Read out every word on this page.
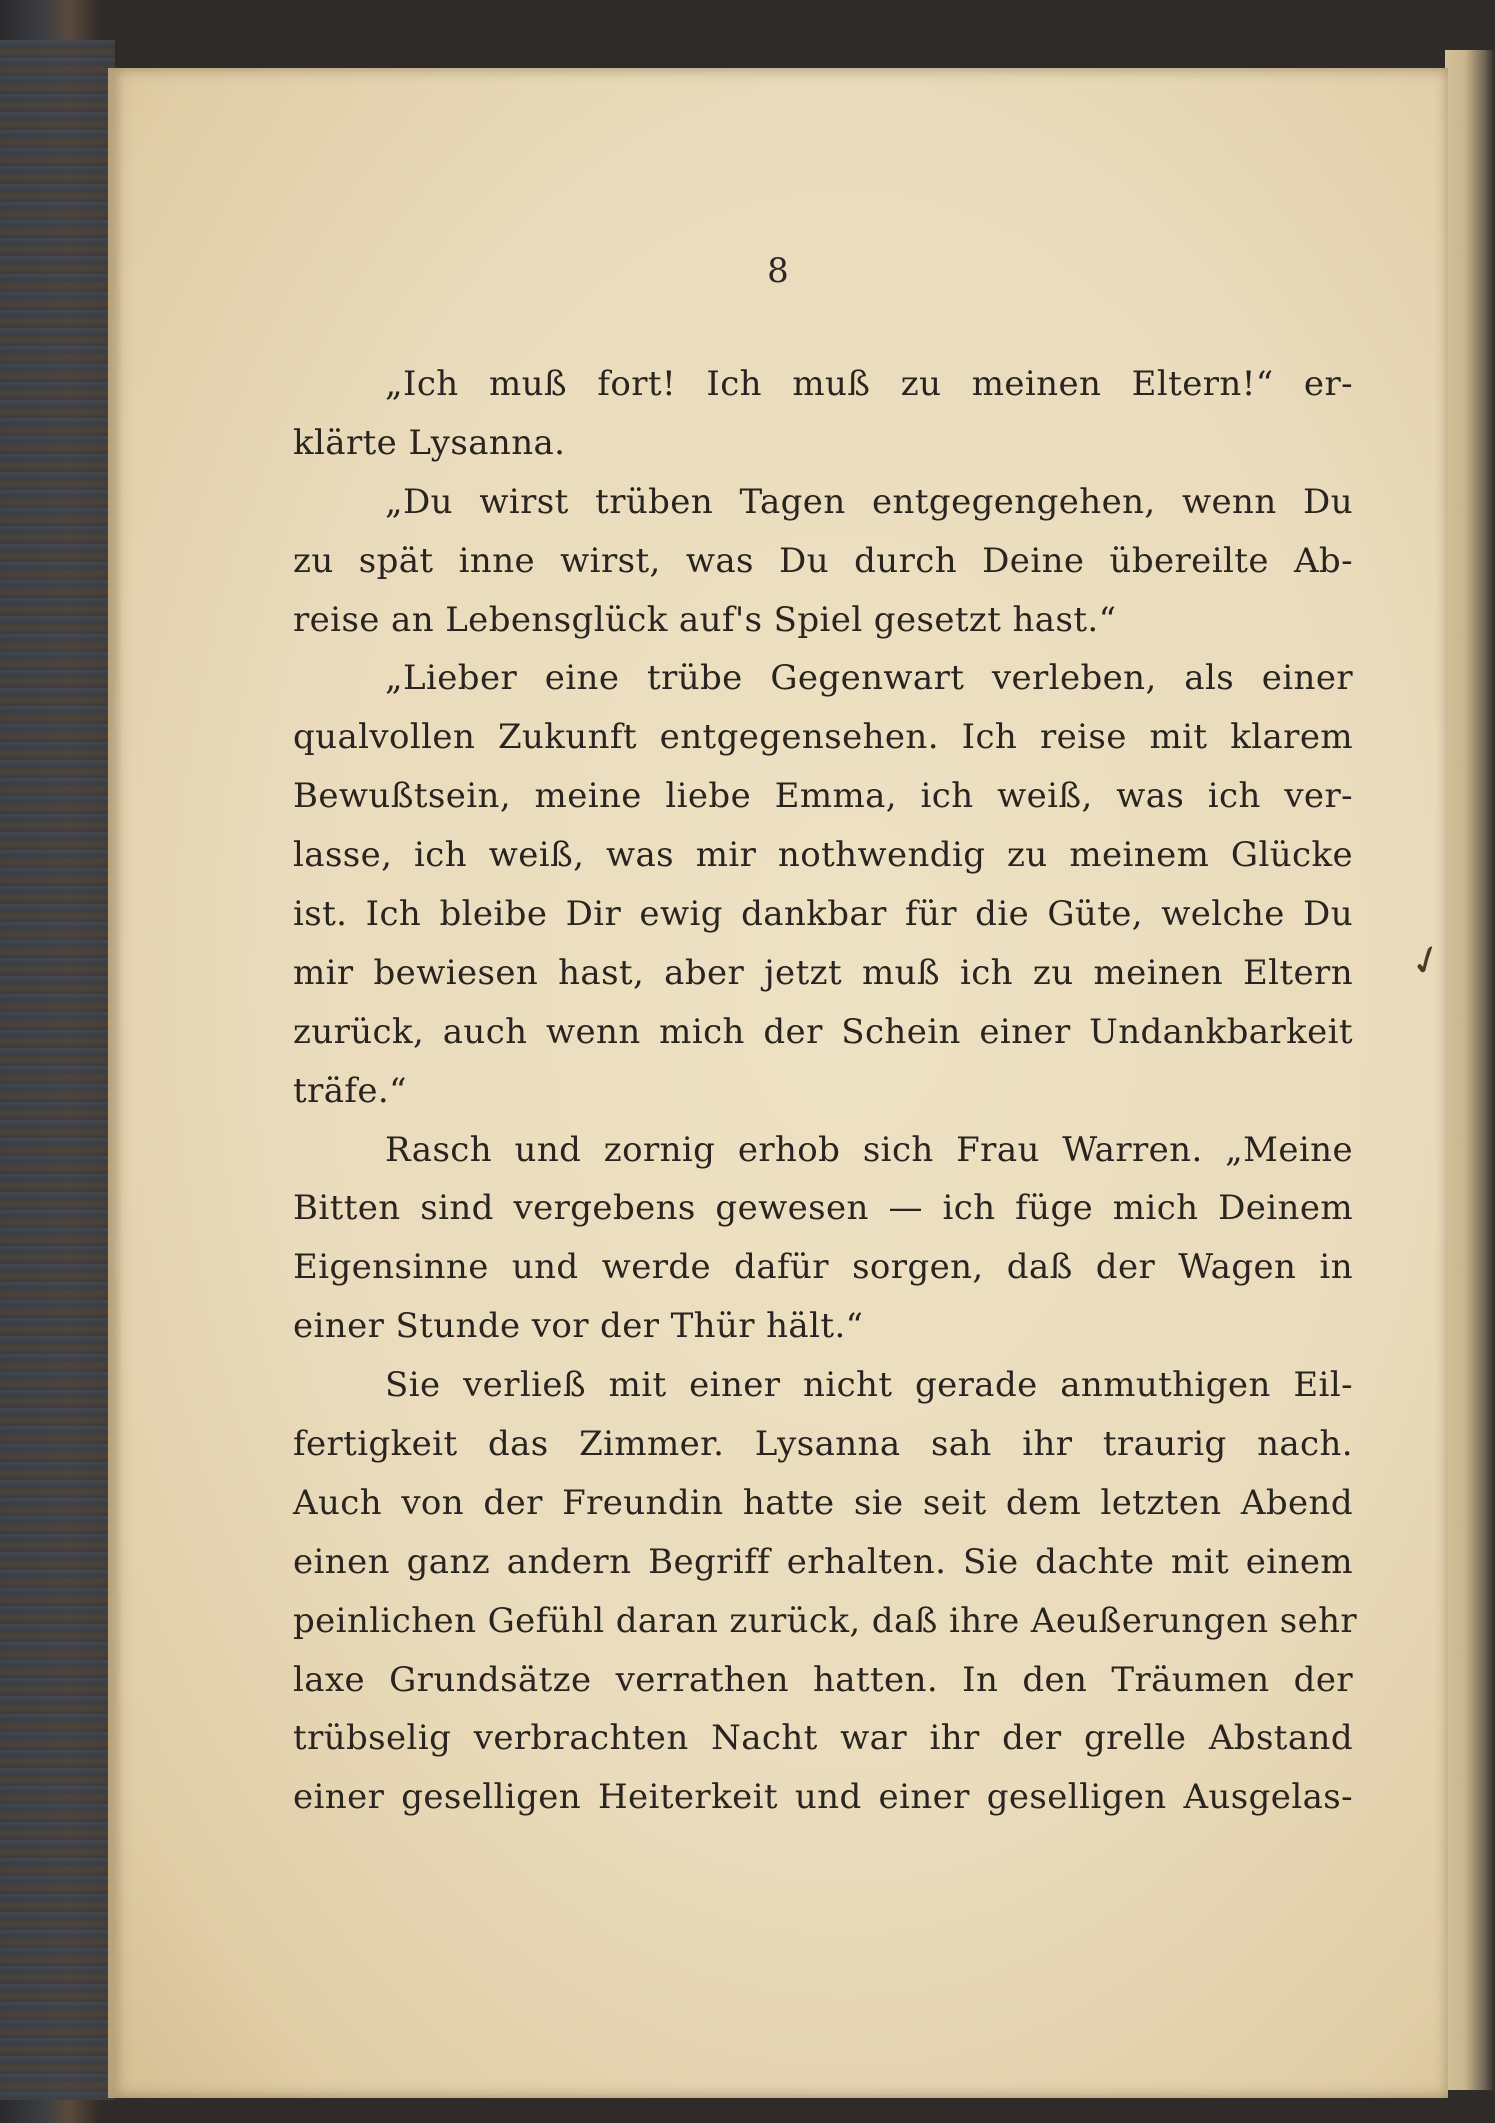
8
„Ich muß fort! Ich muß zu meinen Eltern!“ er-
klärte Lysanna.
„Du wirst trüben Tagen entgegengehen, wenn Du
zu spät inne wirst, was Du durch Deine übereilte Ab-
reise an Lebensglück auf's Spiel gesetzt hast.“
„Lieber eine trübe Gegenwart verleben, als einer
qualvollen Zukunft entgegensehen. Ich reise mit klarem
Bewußtsein, meine liebe Emma, ich weiß, was ich ver-
lasse, ich weiß, was mir nothwendig zu meinem Glücke
ist. Ich bleibe Dir ewig dankbar für die Güte, welche Du
mir bewiesen hast, aber jetzt muß ich zu meinen Eltern
zurück, auch wenn mich der Schein einer Undankbarkeit
träfe.“
Rasch und zornig erhob sich Frau Warren. „Meine
Bitten sind vergebens gewesen — ich füge mich Deinem
Eigensinne und werde dafür sorgen, daß der Wagen in
einer Stunde vor der Thür hält.“
Sie verließ mit einer nicht gerade anmuthigen Eil-
fertigkeit das Zimmer. Lysanna sah ihr traurig nach.
Auch von der Freundin hatte sie seit dem letzten Abend
einen ganz andern Begriff erhalten. Sie dachte mit einem
peinlichen Gefühl daran zurück, daß ihre Aeußerungen sehr
laxe Grundsätze verrathen hatten. In den Träumen der
trübselig verbrachten Nacht war ihr der grelle Abstand
einer geselligen Heiterkeit und einer geselligen Ausgelas-
✓
